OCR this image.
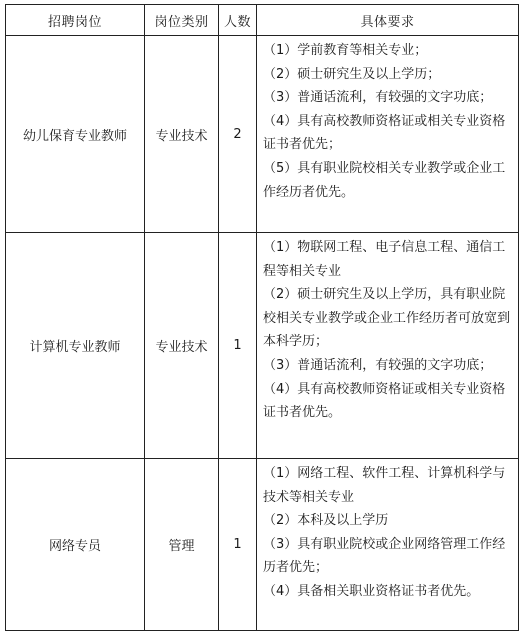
招聘岗位	岗位类别	人数	具体要求
幼儿保育专业教师	专业技术	2	（1）学前教育等相关专业；

（2）硕士研究生及以上学历；

（3）普通话流利，有较强的文字功底；

（4）具有高校教师资格证或相关专业资格证书者优先；

（5）具有职业院校相关专业教学或企业工作经历者优先。

计算机专业教师	专业技术	1	（1）物联网工程、电子信息工程、通信工程等相关专业

（2）硕士研究生及以上学历，具有职业院校相关专业教学或企业工作经历者可放宽到本科学历；

（3）普通话流利，有较强的文字功底；

（4）具有高校教师资格证或相关专业资格证书者优先。

网络专员	管理	1	（1）网络工程、软件工程、计算机科学与技术等相关专业

（2）本科及以上学历

（3）具有职业院校或企业网络管理工作经历者优先；

（4）具备相关职业资格证书者优先。
